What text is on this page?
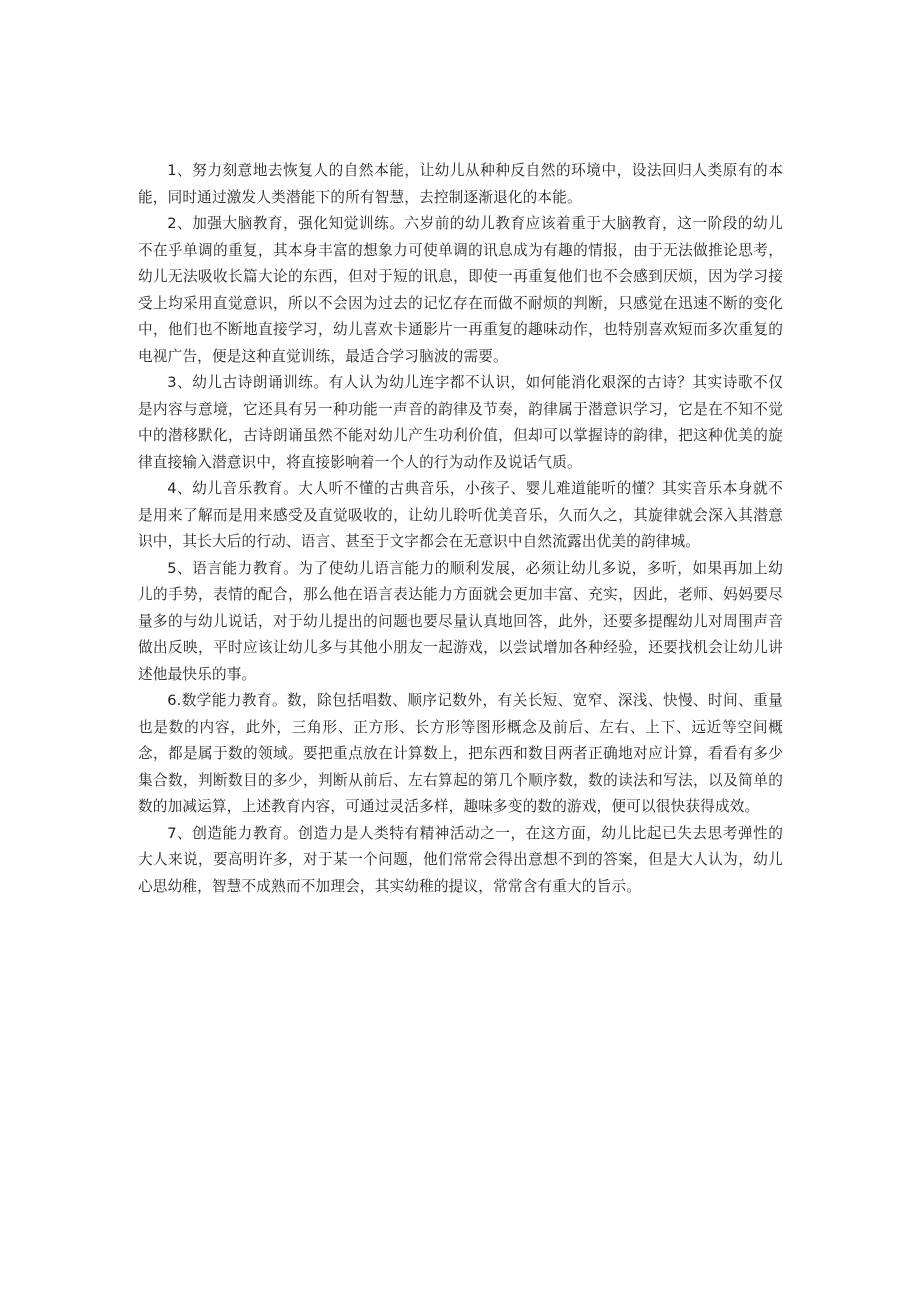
1、努力刻意地去恢复人的自然本能，让幼儿从种种反自然的环境中，设法回归人类原有的本能，同时通过激发人类潜能下的所有智慧，去控制逐渐退化的本能。

2、加强大脑教育，强化知觉训练。六岁前的幼儿教育应该着重于大脑教育，这一阶段的幼儿不在乎单调的重复，其本身丰富的想象力可使单调的讯息成为有趣的情报，由于无法做推论思考，幼儿无法吸收长篇大论的东西，但对于短的讯息，即使一再重复他们也不会感到厌烦，因为学习接受上均采用直觉意识，所以不会因为过去的记忆存在而做不耐烦的判断，只感觉在迅速不断的变化中，他们也不断地直接学习，幼儿喜欢卡通影片一再重复的趣味动作，也特别喜欢短而多次重复的电视广告，便是这种直觉训练，最适合学习脑波的需要。

3、幼儿古诗朗诵训练。有人认为幼儿连字都不认识，如何能消化艰深的古诗？其实诗歌不仅是内容与意境，它还具有另一种功能一声音的韵律及节奏，韵律属于潜意识学习，它是在不知不觉中的潜移默化，古诗朗诵虽然不能对幼儿产生功利价值，但却可以掌握诗的韵律，把这种优美的旋律直接输入潜意识中，将直接影响着一个人的行为动作及说话气质。

4、幼儿音乐教育。大人听不懂的古典音乐，小孩子、婴儿难道能听的懂？其实音乐本身就不是用来了解而是用来感受及直觉吸收的，让幼儿聆听优美音乐，久而久之，其旋律就会深入其潜意识中，其长大后的行动、语言、甚至于文字都会在无意识中自然流露出优美的韵律城。

5、语言能力教育。为了使幼儿语言能力的顺利发展，必须让幼儿多说，多听，如果再加上幼儿的手势，表情的配合，那么他在语言表达能力方面就会更加丰富、充实，因此，老师、妈妈要尽量多的与幼儿说话，对于幼儿提出的问题也要尽量认真地回答，此外，还要多提醒幼儿对周围声音做出反映，平时应该让幼儿多与其他小朋友一起游戏，以尝试增加各种经验，还要找机会让幼儿讲述他最快乐的事。

6.数学能力教育。数，除包括唱数、顺序记数外，有关长短、宽窄、深浅、快慢、时间、重量也是数的内容，此外，三角形、正方形、长方形等图形概念及前后、左右、上下、远近等空间概念，都是属于数的领域。要把重点放在计算数上，把东西和数目两者正确地对应计算，看看有多少集合数，判断数目的多少，判断从前后、左右算起的第几个顺序数，数的读法和写法，以及简单的数的加减运算，上述教育内容，可通过灵活多样，趣味多变的数的游戏，便可以很快获得成效。

7、创造能力教育。创造力是人类特有精神活动之一，在这方面，幼儿比起已失去思考弹性的大人来说，要高明许多，对于某一个问题，他们常常会得出意想不到的答案，但是大人认为，幼儿心思幼稚，智慧不成熟而不加理会，其实幼稚的提议，常常含有重大的旨示。
